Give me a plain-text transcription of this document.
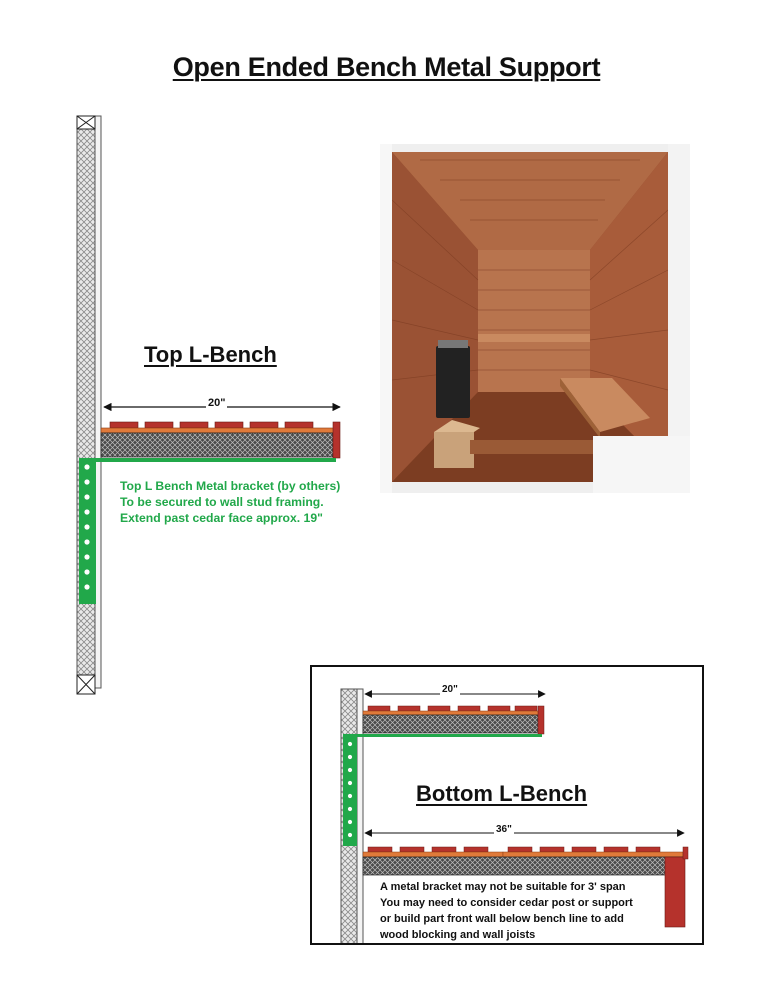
Open Ended Bench Metal Support
Top L-Bench
20"
Top L Bench Metal bracket (by others)
To be secured to wall stud framing.
Extend past cedar face approx. 19"
20"
Bottom L-Bench
36"
A metal bracket may not be suitable for 3' span
You may need to consider cedar post or support
or build part front wall below bench line to add
wood blocking and wall joists
